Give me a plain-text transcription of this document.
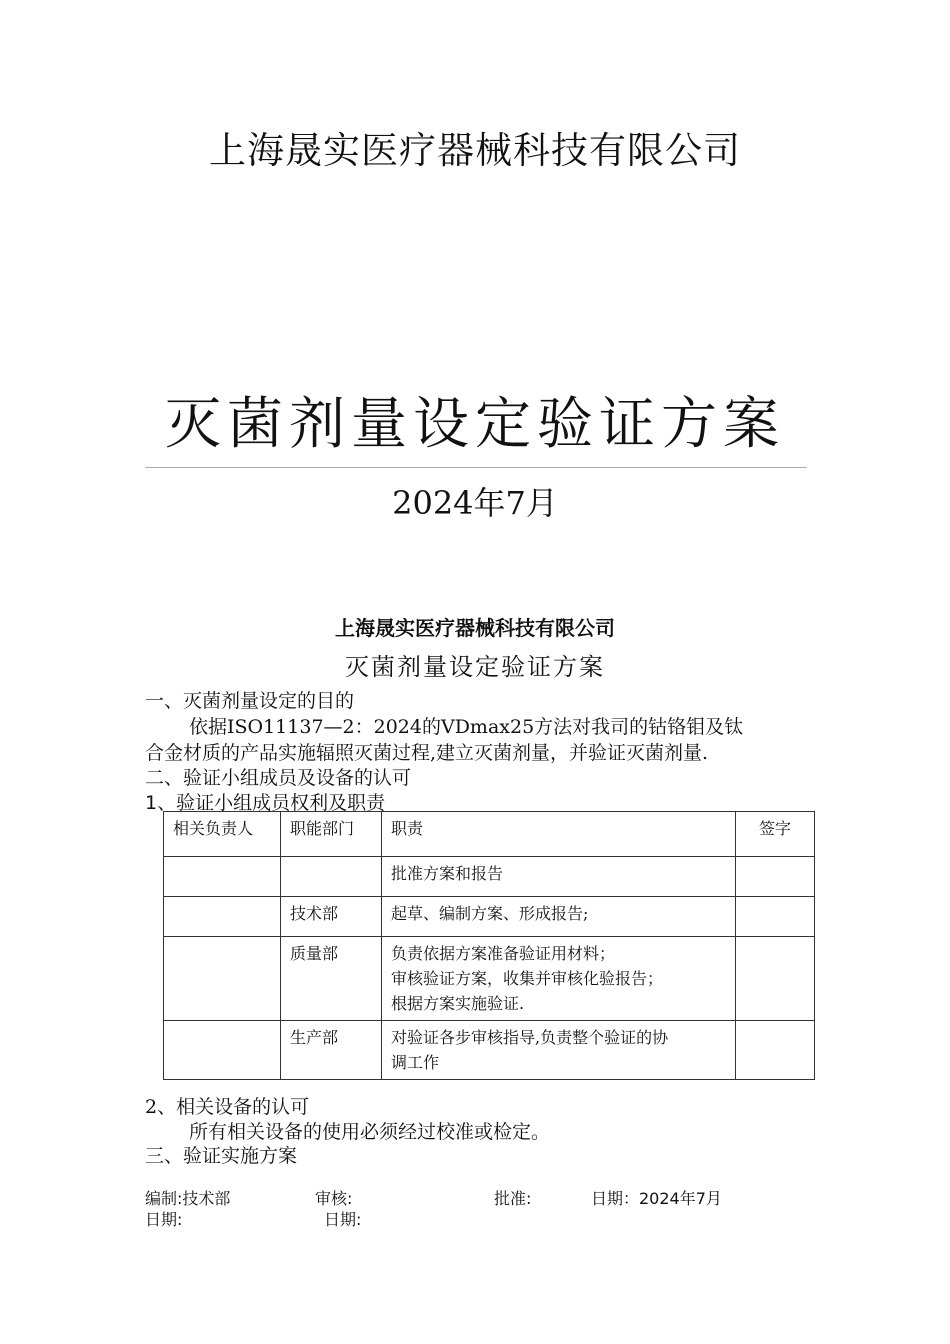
上海晟实医疗器械科技有限公司
灭菌剂量设定验证方案
2024年7月
上海晟实医疗器械科技有限公司
灭菌剂量设定验证方案
一、灭菌剂量设定的目的
依据ISO11137—2：2024的VDmax25方法对我司的钴铬钼及钛
合金材质的产品实施辐照灭菌过程,建立灭菌剂量，并验证灭菌剂量.
二、验证小组成员及设备的认可
1、验证小组成员权利及职责
相关负责人	职能部门	职责	签字

		批准方案和报告	

	技术部	起草、编制方案、形成报告;	

	质量部	负责依据方案准备验证用材料；
审核验证方案，收集并审核化验报告；
根据方案实施验证.	

	生产部	对验证各步审核指导,负责整个验证的协
调工作	

2、相关设备的认可
所有相关设备的使用必须经过校准或检定。
三、验证实施方案
编制:技术部	审核:	批准:	日期：2024年7月
日期:	日期:
